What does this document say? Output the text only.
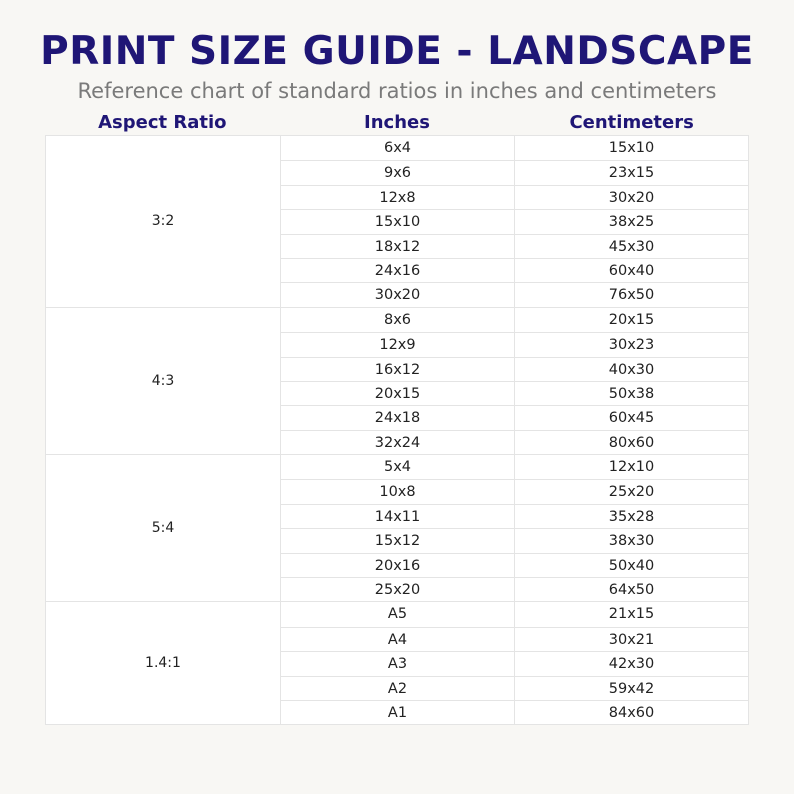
PRINT SIZE GUIDE - LANDSCAPE
Reference chart of standard ratios in inches and centimeters
Aspect Ratio	Inches	Centimeters
3:2
6x4	15x10
9x6	23x15
12x8	30x20
15x10	38x25
18x12	45x30
24x16	60x40
30x20	76x50
4:3
8x6	20x15
12x9	30x23
16x12	40x30
20x15	50x38
24x18	60x45
32x24	80x60
5:4
5x4	12x10
10x8	25x20
14x11	35x28
15x12	38x30
20x16	50x40
25x20	64x50
1.4:1
A5	21x15
A4	30x21
A3	42x30
A2	59x42
A1	84x60
